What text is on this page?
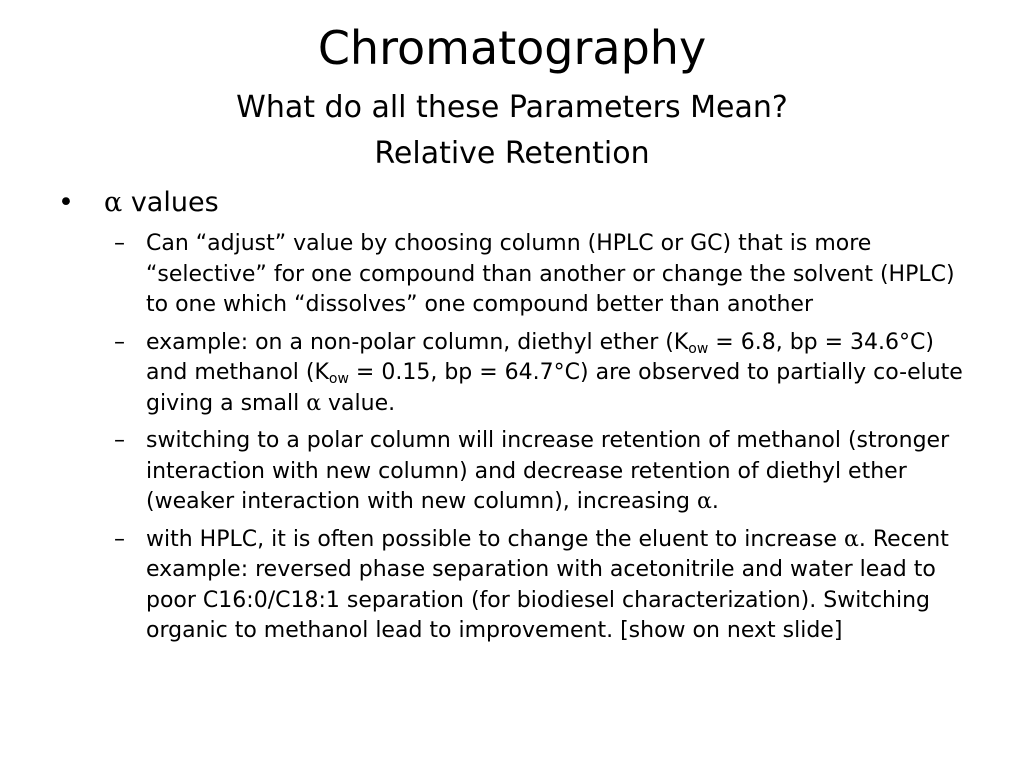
Chromatography
What do all these Parameters Mean?
Relative Retention
• α values
– Can “adjust” value by choosing column (HPLC or GC) that is more “selective” for one compound than another or change the solvent (HPLC) to one which “dissolves” one compound better than another
– example: on a non-polar column, diethyl ether ($K_{ow} = 6.8$, bp = 34.6°C) and methanol ($K_{ow} = 0.15$, bp = 64.7°C) are observed to partially co-elute giving a small α value.
– switching to a polar column will increase retention of methanol (stronger interaction with new column) and decrease retention of diethyl ether (weaker interaction with new column), increasing α.
– with HPLC, it is often possible to change the eluent to increase α. Recent example: reversed phase separation with acetonitrile and water lead to poor C16:0/C18:1 separation (for biodiesel characterization). Switching organic to methanol lead to improvement. [show on next slide]
